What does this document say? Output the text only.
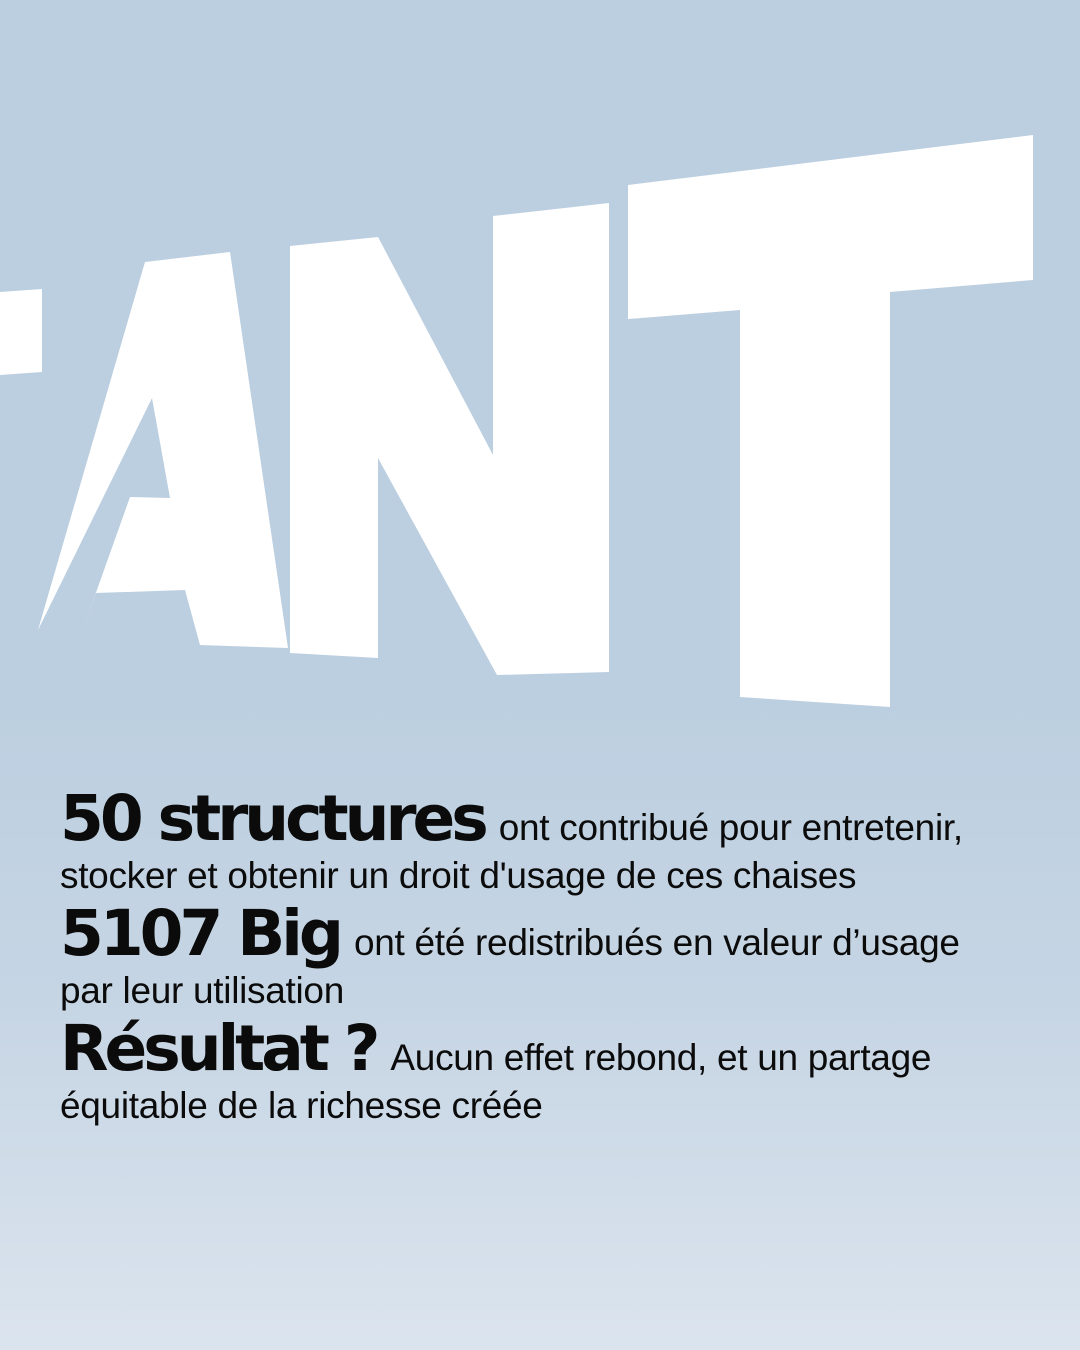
50 structures ont contribué pour entretenir, stocker et obtenir un droit d'usage de ces chaises

5107 Big ont été redistribués en valeur d’usage par leur utilisation

Résultat ? Aucun effet rebond, et un partage équitable de la richesse créée
